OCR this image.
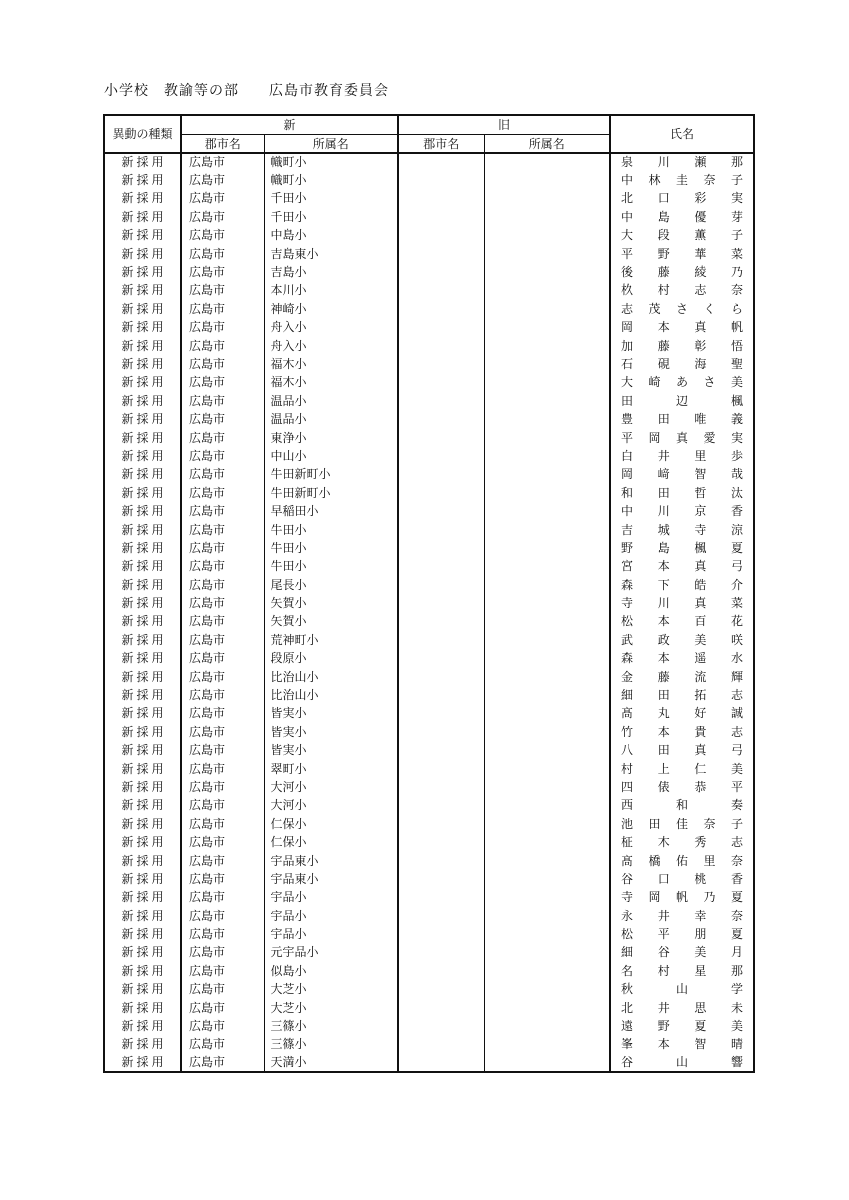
小学校　教諭等の部　　広島市教育委員会
異動の種類	新		旧		氏名
	郡市名	所属名	郡市名	所属名	
新 採 用	広島市	幟町小			泉 川 瀬 那
新 採 用	広島市	幟町小			中 林 圭 奈 子
新 採 用	広島市	千田小			北 口 彩 実
新 採 用	広島市	千田小			中 島 優 芽
新 採 用	広島市	中島小			大 段 薫 子
新 採 用	広島市	吉島東小			平 野 華 菜
新 採 用	広島市	吉島小			後 藤 綾 乃
新 採 用	広島市	本川小			杦 村 志 奈
新 採 用	広島市	神崎小			志 茂 さ く ら
新 採 用	広島市	舟入小			岡 本 真 帆
新 採 用	広島市	舟入小			加 藤 彰 悟
新 採 用	広島市	福木小			石 硯 海 聖
新 採 用	広島市	福木小			大 崎 あ さ 美
新 採 用	広島市	温品小			田 辺 楓
新 採 用	広島市	温品小			豊 田 唯 義
新 採 用	広島市	東浄小			平 岡 真 愛 実
新 採 用	広島市	中山小			白 井 里 歩
新 採 用	広島市	牛田新町小			岡 﨑 智 哉
新 採 用	広島市	牛田新町小			和 田 哲 汰
新 採 用	広島市	早稲田小			中 川 京 香
新 採 用	広島市	牛田小			吉 城 寺 涼
新 採 用	広島市	牛田小			野 島 楓 夏
新 採 用	広島市	牛田小			宮 本 真 弓
新 採 用	広島市	尾長小			森 下 皓 介
新 採 用	広島市	矢賀小			寺 川 真 菜
新 採 用	広島市	矢賀小			松 本 百 花
新 採 用	広島市	荒神町小			武 政 美 咲
新 採 用	広島市	段原小			森 本 遥 水
新 採 用	広島市	比治山小			金 藤 流 輝
新 採 用	広島市	比治山小			細 田 拓 志
新 採 用	広島市	皆実小			髙 丸 好 誠
新 採 用	広島市	皆実小			竹 本 貴 志
新 採 用	広島市	皆実小			八 田 真 弓
新 採 用	広島市	翠町小			村 上 仁 美
新 採 用	広島市	大河小			四 俵 恭 平
新 採 用	広島市	大河小			西 和 奏
新 採 用	広島市	仁保小			池 田 佳 奈 子
新 採 用	広島市	仁保小			柾 木 秀 志
新 採 用	広島市	宇品東小			髙 橋 佑 里 奈
新 採 用	広島市	宇品東小			谷 口 桃 香
新 採 用	広島市	宇品小			寺 岡 帆 乃 夏
新 採 用	広島市	宇品小			永 井 幸 奈
新 採 用	広島市	宇品小			松 平 朋 夏
新 採 用	広島市	元宇品小			細 谷 美 月
新 採 用	広島市	似島小			名 村 星 那
新 採 用	広島市	大芝小			秋 山 学
新 採 用	広島市	大芝小			北 井 思 未
新 採 用	広島市	三篠小			遠 野 夏 美
新 採 用	広島市	三篠小			峯 本 智 晴
新 採 用	広島市	天満小			谷 山 響
